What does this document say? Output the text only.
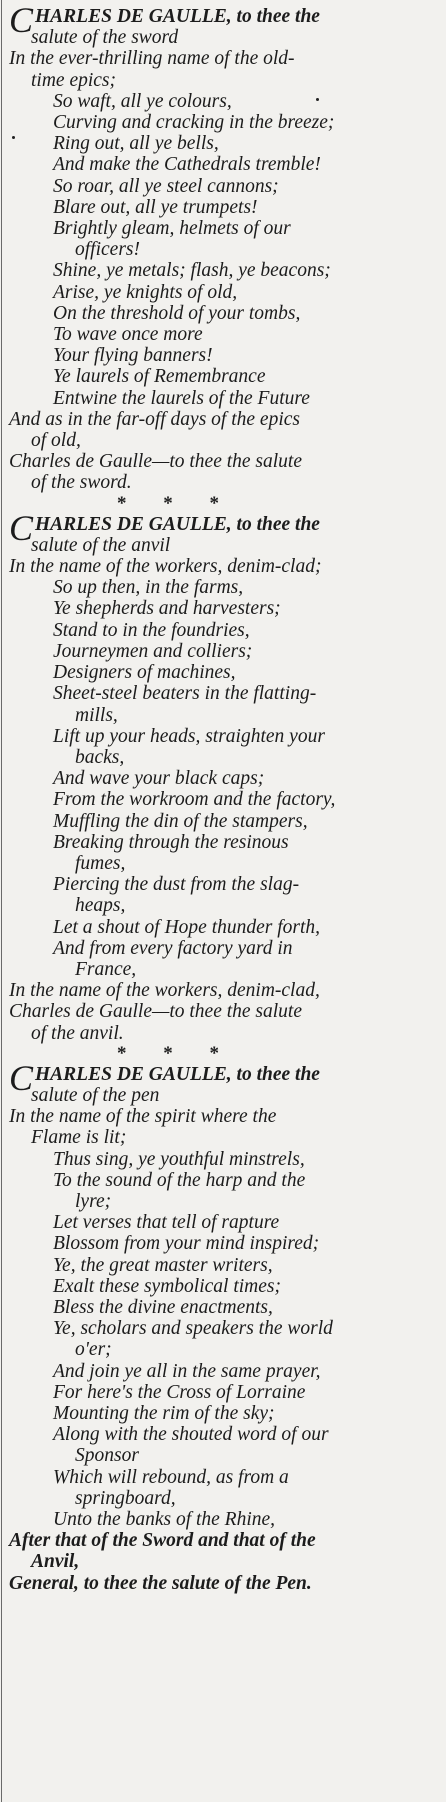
C HARLES DE GAULLE, to thee the
salute of the sword
In the ever-thrilling name of the old-
time epics;
So waft, all ye colours,
Curving and cracking in the breeze;
Ring out, all ye bells,
And make the Cathedrals tremble!
So roar, all ye steel cannons;
Blare out, all ye trumpets!
Brightly gleam, helmets of our
officers!
Shine, ye metals; flash, ye beacons;
Arise, ye knights of old,
On the threshold of your tombs,
To wave once more
Your flying banners!
Ye laurels of Remembrance
Entwine the laurels of the Future
And as in the far-off days of the epics
of old,
Charles de Gaulle—to thee the salute
of the sword.
* * *
C HARLES DE GAULLE, to thee the
salute of the anvil
In the name of the workers, denim-clad;
So up then, in the farms,
Ye shepherds and harvesters;
Stand to in the foundries,
Journeymen and colliers;
Designers of machines,
Sheet-steel beaters in the flatting-
mills,
Lift up your heads, straighten your
backs,
And wave your black caps;
From the workroom and the factory,
Muffling the din of the stampers,
Breaking through the resinous
fumes,
Piercing the dust from the slag-
heaps,
Let a shout of Hope thunder forth,
And from every factory yard in
France,
In the name of the workers, denim-clad,
Charles de Gaulle—to thee the salute
of the anvil.
* * *
C HARLES DE GAULLE, to thee the
salute of the pen
In the name of the spirit where the
Flame is lit;
Thus sing, ye youthful minstrels,
To the sound of the harp and the
lyre;
Let verses that tell of rapture
Blossom from your mind inspired;
Ye, the great master writers,
Exalt these symbolical times;
Bless the divine enactments,
Ye, scholars and speakers the world
o'er;
And join ye all in the same prayer,
For here's the Cross of Lorraine
Mounting the rim of the sky;
Along with the shouted word of our
Sponsor
Which will rebound, as from a
springboard,
Unto the banks of the Rhine,
After that of the Sword and that of the
Anvil,
General, to thee the salute of the Pen.
